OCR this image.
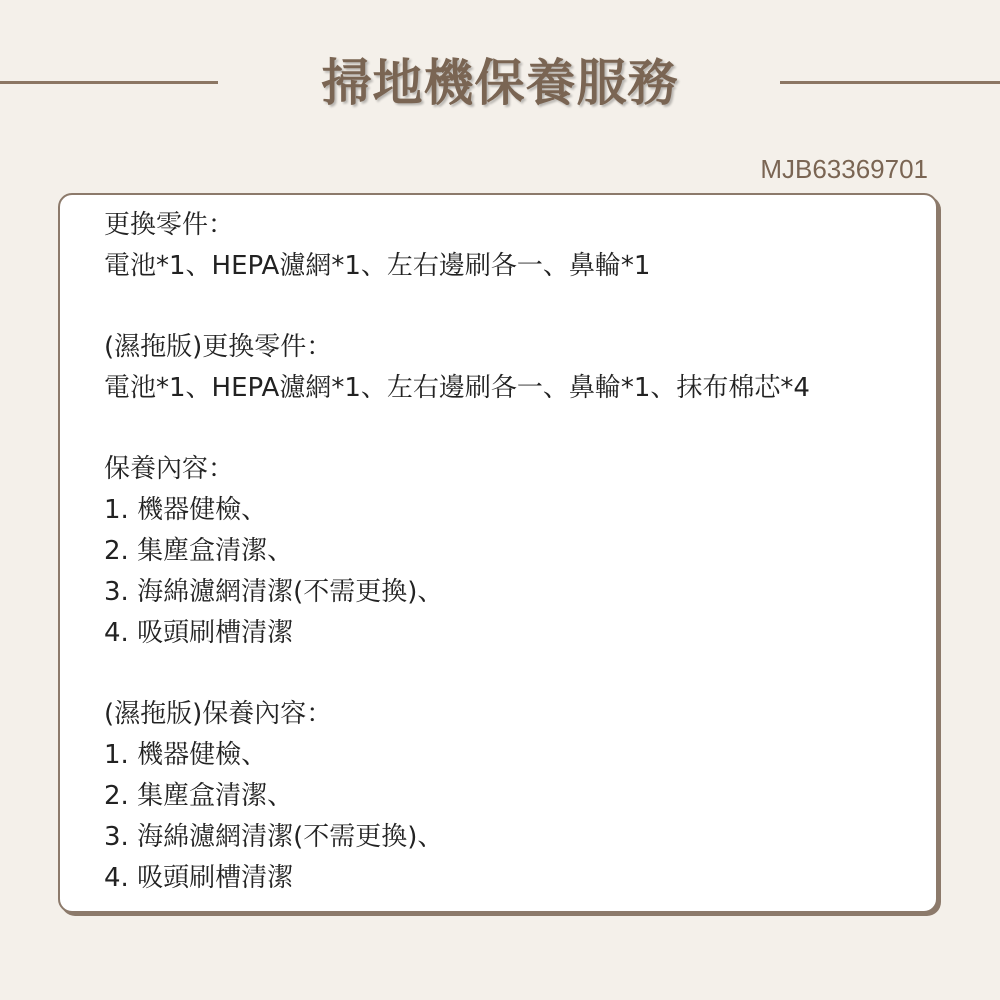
掃地機保養服務
MJB63369701
更換零件：
電池*1、HEPA濾網*1、左右邊刷各一、鼻輪*1
(濕拖版)更換零件：
電池*1、HEPA濾網*1、左右邊刷各一、鼻輪*1、抹布棉芯*4
保養內容：
1. 機器健檢、
2. 集塵盒清潔、
3. 海綿濾網清潔(不需更換)、
4. 吸頭刷槽清潔
(濕拖版)保養內容：
1. 機器健檢、
2. 集塵盒清潔、
3. 海綿濾網清潔(不需更換)、
4. 吸頭刷槽清潔
